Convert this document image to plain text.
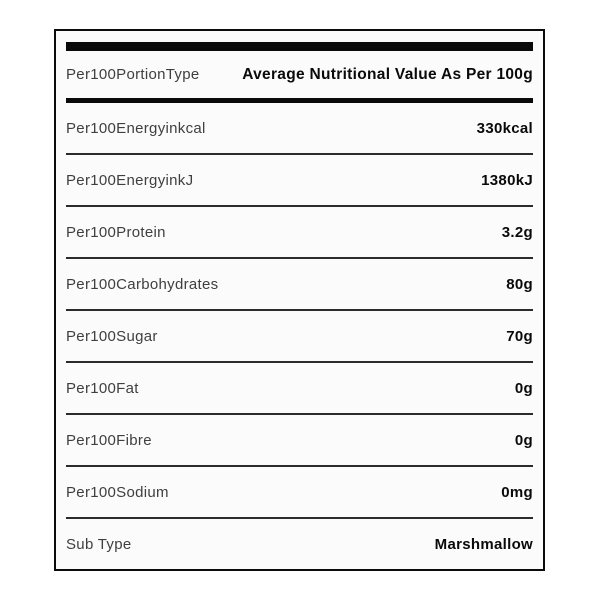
Per100PortionType	Average Nutritional Value As Per 100g
Per100Energyinkcal	330kcal
Per100EnergyinkJ	1380kJ
Per100Protein	3.2g
Per100Carbohydrates	80g
Per100Sugar	70g
Per100Fat	0g
Per100Fibre	0g
Per100Sodium	0mg
Sub Type	Marshmallow
